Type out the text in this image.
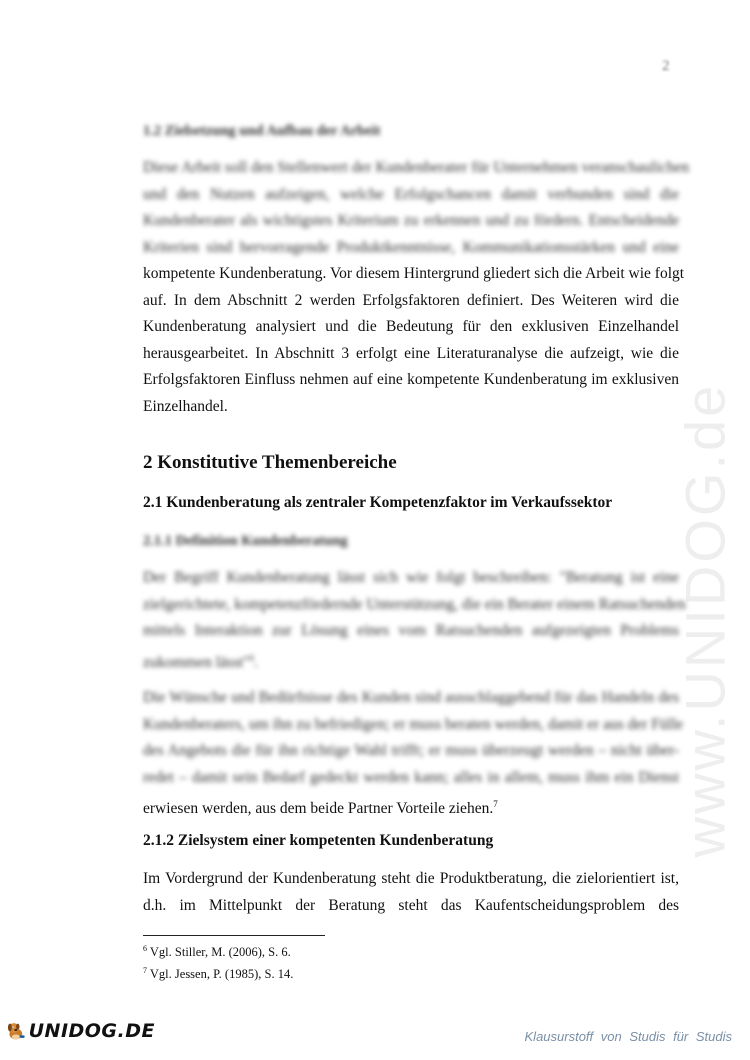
www.UNIDOG.de
2
1.2 Zielsetzung und Aufbau der Arbeit
Diese Arbeit soll den Stellenwert der Kundenberater für Unternehmen veranschaulichen
und den Nutzen aufzeigen, welche Erfolgschancen damit verbunden sind die
Kundenberater als wichtigstes Kriterium zu erkennen und zu fördern. Entscheidende
Kriterien sind hervorragende Produktkenntnisse, Kommunikationsstärken und eine
kompetente Kundenberatung. Vor diesem Hintergrund gliedert sich die Arbeit wie folgt
auf. In dem Abschnitt 2 werden Erfolgsfaktoren definiert. Des Weiteren wird die
Kundenberatung analysiert und die Bedeutung für den exklusiven Einzelhandel
herausgearbeitet. In Abschnitt 3 erfolgt eine Literaturanalyse die aufzeigt, wie die
Erfolgsfaktoren Einfluss nehmen auf eine kompetente Kundenberatung im exklusiven
Einzelhandel.
2 Konstitutive Themenbereiche
2.1 Kundenberatung als zentraler Kompetenzfaktor im Verkaufssektor
2.1.1 Definition Kundenberatung
Der Begriff Kundenberatung lässt sich wie folgt beschreiben: "Beratung ist eine
zielgerichtete, kompetenzfördernde Unterstützung, die ein Berater einem Ratsuchenden
mittels Interaktion zur Lösung eines vom Ratsuchenden aufgezeigten Problems
zukommen lässt"$^6$.
Die Wünsche und Bedürfnisse des Kunden sind ausschlaggebend für das Handeln des
Kundenberaters, um ihn zu befriedigen; er muss beraten werden, damit er aus der Fülle
des Angebots die für ihn richtige Wahl trifft; er muss überzeugt werden – nicht über-
redet – damit sein Bedarf gedeckt werden kann; alles in allem, muss ihm ein Dienst
erwiesen werden, aus dem beide Partner Vorteile ziehen.$^7$
2.1.2 Zielsystem einer kompetenten Kundenberatung
Im Vordergrund der Kundenberatung steht die Produktberatung, die zielorientiert ist,
d.h. im Mittelpunkt der Beratung steht das Kaufentscheidungsproblem des
$^6$ Vgl. Stiller, M. (2006), S. 6.
$^7$ Vgl. Jessen, P. (1985), S. 14.
UNIDOG.DE	Klausurstoff von Studis für Studis
